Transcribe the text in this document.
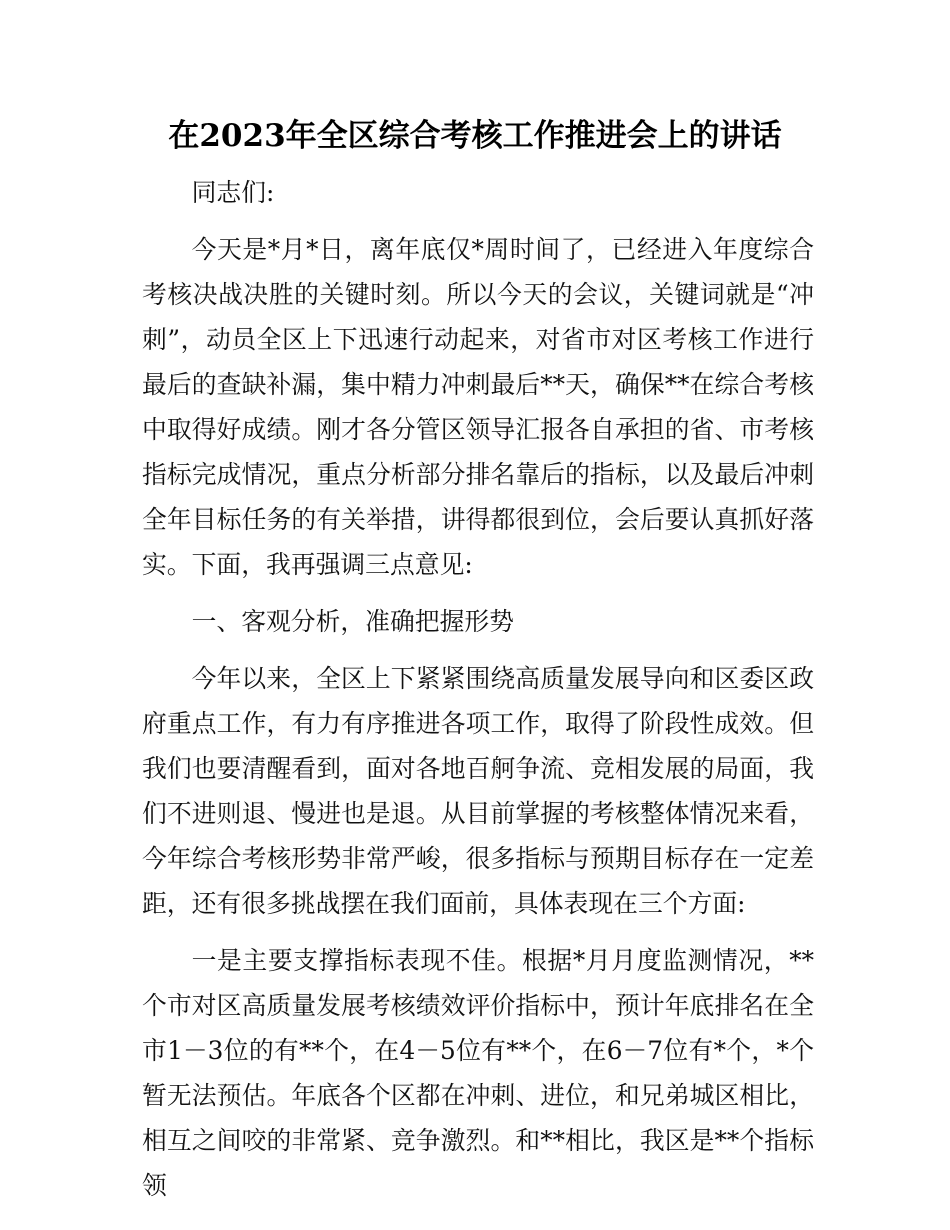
在2023年全区综合考核工作推进会上的讲话

同志们:

今天是*月*日，离年底仅*周时间了，已经进入年度综合考核决战决胜的关键时刻。所以今天的会议，关键词就是“冲刺”，动员全区上下迅速行动起来，对省市对区考核工作进行最后的查缺补漏，集中精力冲刺最后**天，确保**在综合考核中取得好成绩。刚才各分管区领导汇报各自承担的省、市考核指标完成情况，重点分析部分排名靠后的指标，以及最后冲刺全年目标任务的有关举措，讲得都很到位，会后要认真抓好落实。下面，我再强调三点意见:

一、客观分析，准确把握形势

今年以来，全区上下紧紧围绕高质量发展导向和区委区政府重点工作，有力有序推进各项工作，取得了阶段性成效。但我们也要清醒看到，面对各地百舸争流、竞相发展的局面，我们不进则退、慢进也是退。从目前掌握的考核整体情况来看，今年综合考核形势非常严峻，很多指标与预期目标存在一定差距，还有很多挑战摆在我们面前，具体表现在三个方面:

一是主要支撑指标表现不佳。根据*月月度监测情况，**个市对区高质量发展考核绩效评价指标中，预计年底排名在全市1－3位的有**个，在4－5位有**个，在6－7位有*个，*个暂无法预估。年底各个区都在冲刺、进位，和兄弟城区相比，相互之间咬的非常紧、竞争激烈。和**相比，我区是**个指标领
